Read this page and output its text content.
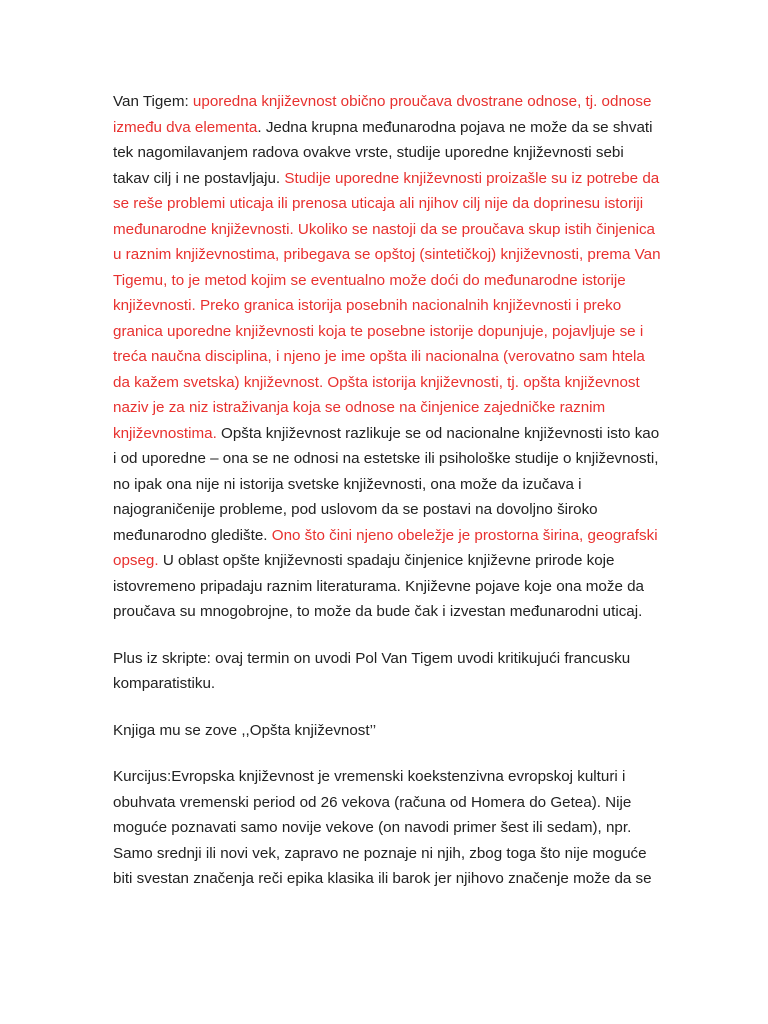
Van Tigem: uporedna književnost obično proučava dvostrane odnose, tj. odnose između dva elementa. Jedna krupna međunarodna pojava ne može da se shvati tek nagomilavanjem radova ovakve vrste, studije uporedne književnosti sebi takav cilj i ne postavljaju. Studije uporedne književnosti proizašle su iz potrebe da se reše problemi uticaja ili prenosa uticaja ali njihov cilj nije da doprinesu istoriji međunarodne književnosti. Ukoliko se nastoji da se proučava skup istih činjenica u raznim književnostima, pribegava se opštoj (sintetičkoj) književnosti, prema Van Tigemu, to je metod kojim se eventualno može doći do međunarodne istorije književnosti. Preko granica istorija posebnih nacionalnih književnosti i preko granica uporedne književnosti koja te posebne istorije dopunjuje, pojavljuje se i treća naučna disciplina, i njeno je ime opšta ili nacionalna (verovatno sam htela da kažem svetska) književnost. Opšta istorija književnosti, tj. opšta književnost naziv je za niz istraživanja koja se odnose na činjenice zajedničke raznim književnostima. Opšta književnost razlikuje se od nacionalne književnosti isto kao i od uporedne – ona se ne odnosi na estetske ili psihološke studije o književnosti, no ipak ona nije ni istorija svetske književnosti, ona može da izučava i najograničenije probleme, pod uslovom da se postavi na dovoljno široko međunarodno gledište. Ono što čini njeno obeležje je prostorna širina, geografski opseg. U oblast opšte književnosti spadaju činjenice književne prirode koje istovremeno pripadaju raznim literaturama. Književne pojave koje ona može da proučava su mnogobrojne, to može da bude čak i izvestan međunarodni uticaj.

Plus iz skripte: ovaj termin on uvodi Pol Van Tigem uvodi kritikujući francusku komparatistiku.

Knjiga mu se zove ,,Opšta književnost’’

Kurcijus:Evropska književnost je vremenski koekstenzivna evropskoj kulturi i obuhvata vremenski period od 26 vekova (računa od Homera do Getea). Nije moguće poznavati samo novije vekove (on navodi primer šest ili sedam), npr. Samo srednji ili novi vek, zapravo ne poznaje ni njih, zbog toga što nije moguće biti svestan značenja reči epika klasika ili barok jer njihovo značenje može da se
